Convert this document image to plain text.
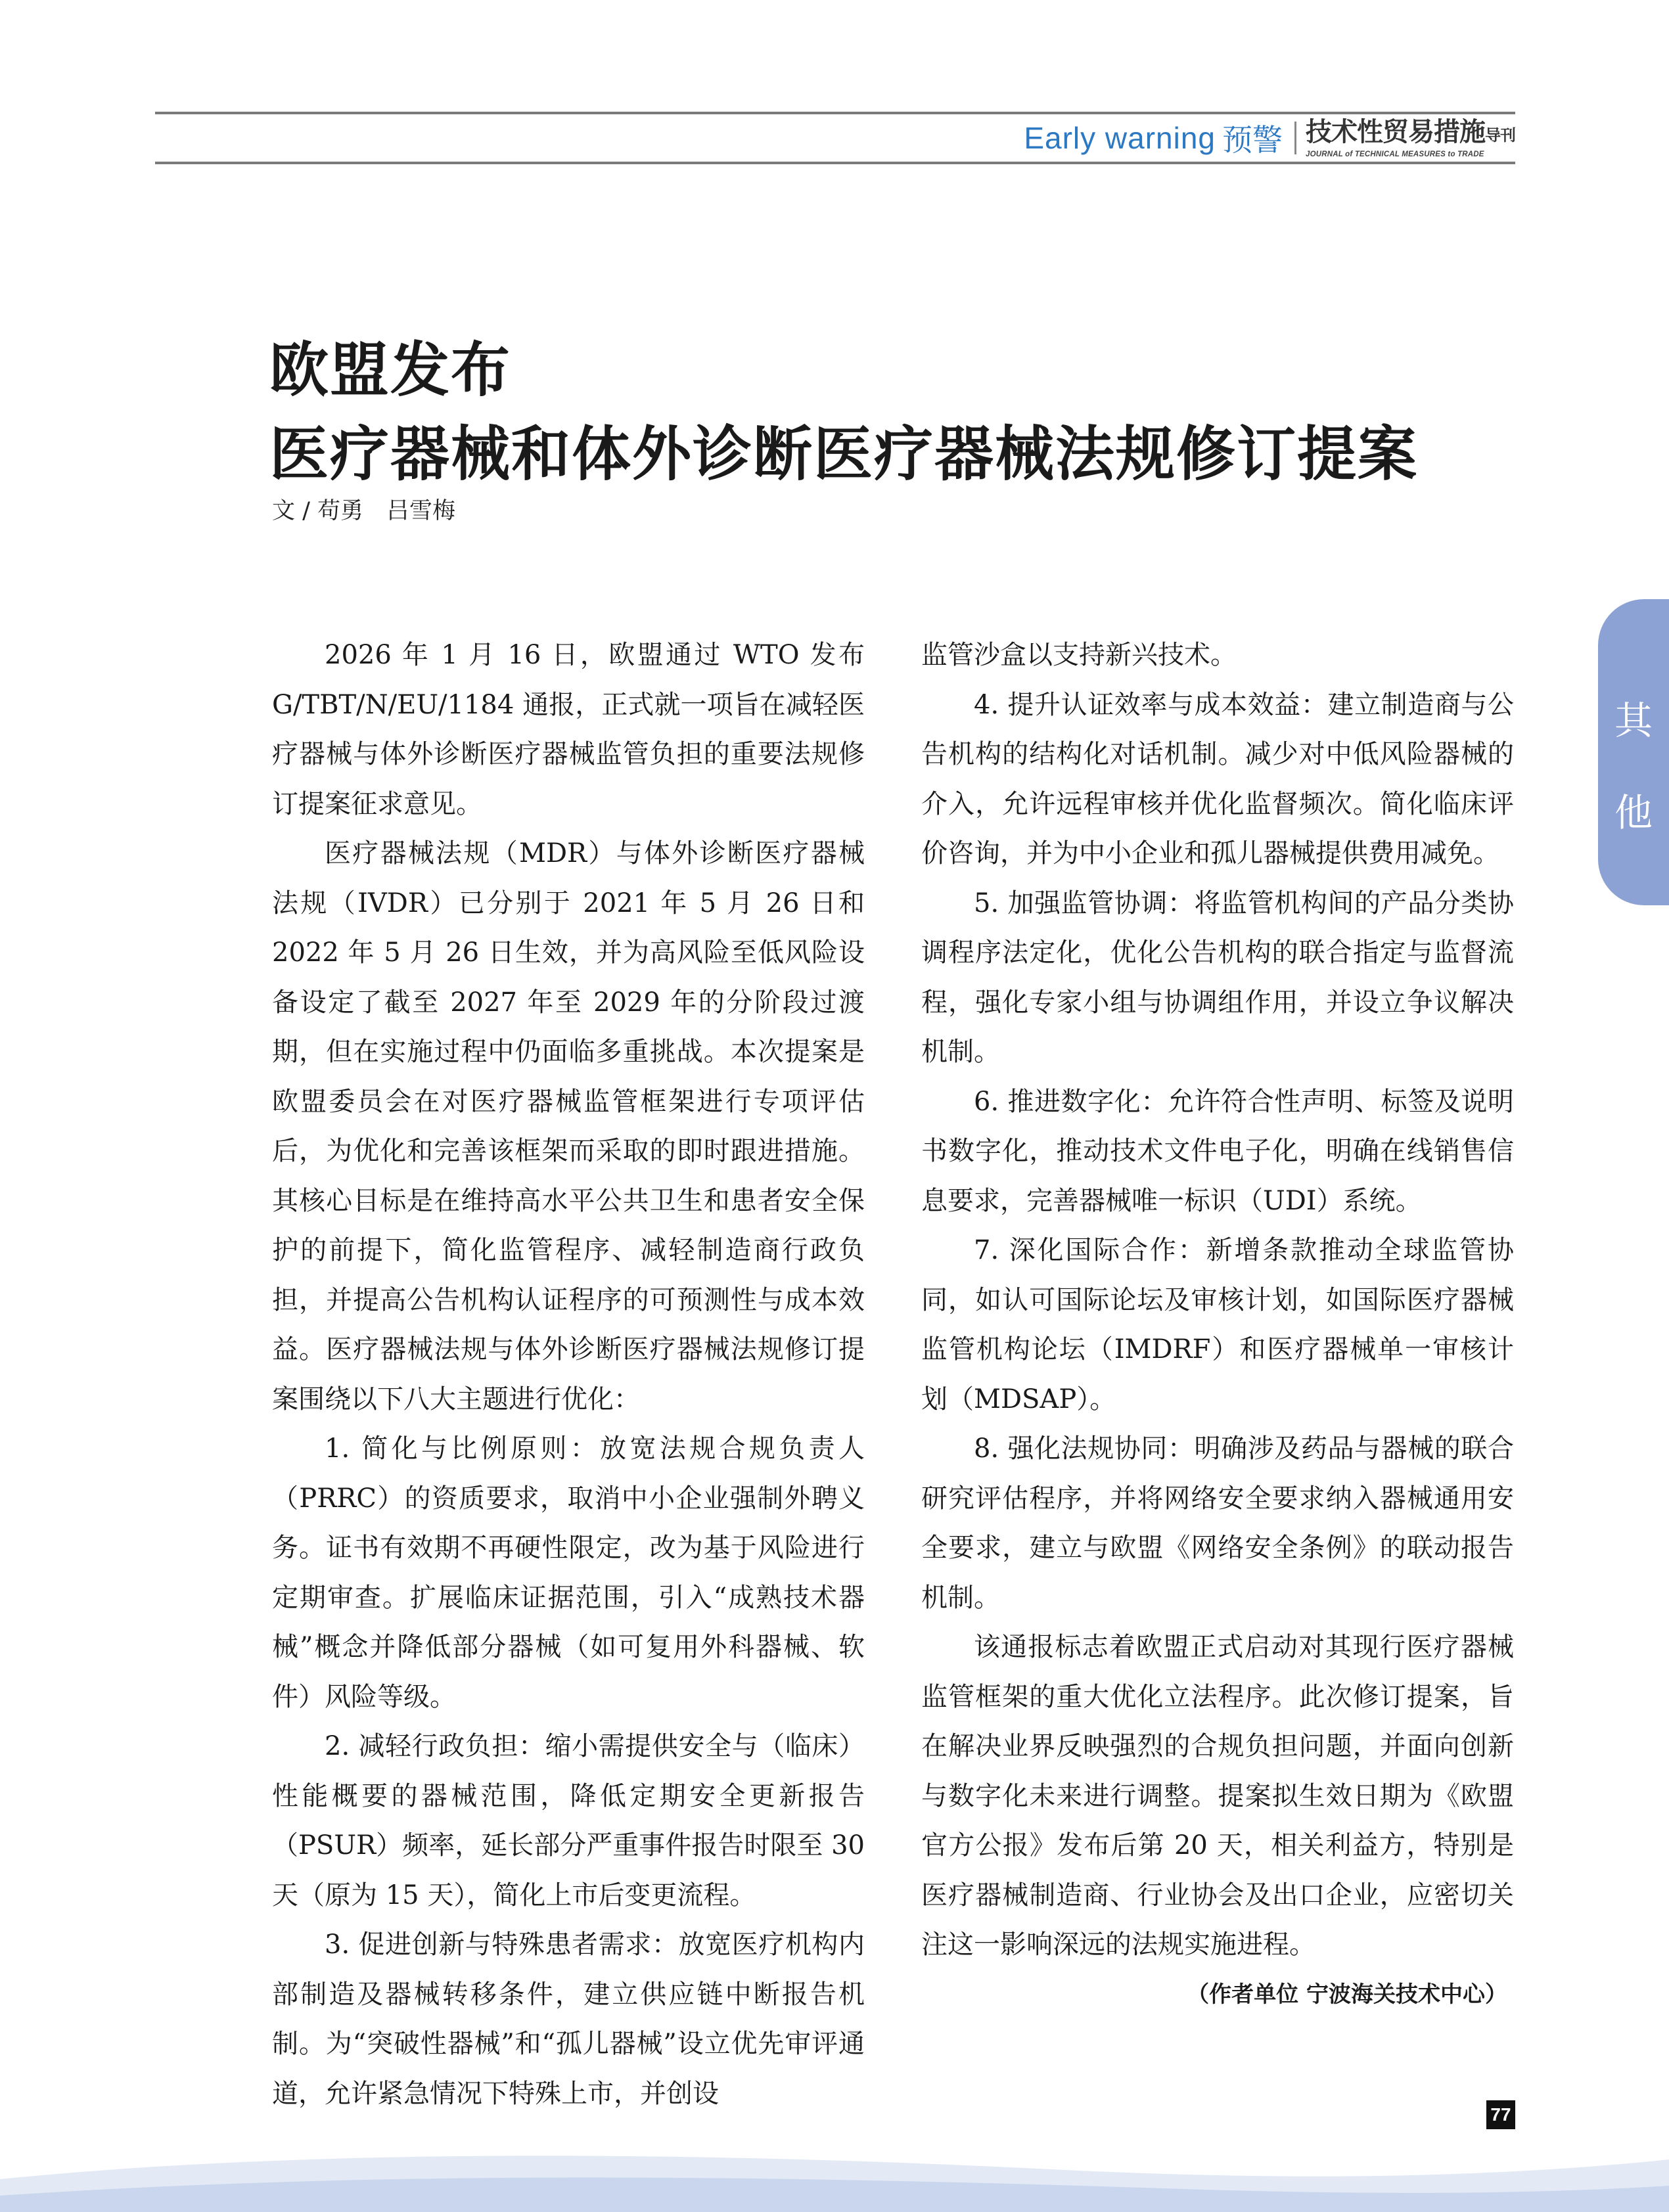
Early warning 预警 技术性贸易措施导刊
JOURNAL of TECHNICAL MEASURES to TRADE
欧盟发布
医疗器械和体外诊断医疗器械法规修订提案
文 / 苟勇　吕雪梅
其
他

2026 年 1 月 16 日，欧盟通过 WTO 发布 G/TBT/N/EU/1184 通报，正式就一项旨在减轻医疗器械与体外诊断医疗器械监管负担的重要法规修订提案征求意见。

医疗器械法规（MDR）与体外诊断医疗器械法规（IVDR）已分别于 2021 年 5 月 26 日和 2022 年 5 月 26 日生效，并为高风险至低风险设备设定了截至 2027 年至 2029 年的分阶段过渡期，但在实施过程中仍面临多重挑战。本次提案是欧盟委员会在对医疗器械监管框架进行专项评估后，为优化和完善该框架而采取的即时跟进措施。其核心目标是在维持高水平公共卫生和患者安全保护的前提下，简化监管程序、减轻制造商行政负担，并提高公告机构认证程序的可预测性与成本效益。医疗器械法规与体外诊断医疗器械法规修订提案围绕以下八大主题进行优化：

1. 简化与比例原则：放宽法规合规负责人（PRRC）的资质要求，取消中小企业强制外聘义务。证书有效期不再硬性限定，改为基于风险进行定期审查。扩展临床证据范围，引入“成熟技术器械”概念并降低部分器械（如可复用外科器械、软件）风险等级。

2. 减轻行政负担：缩小需提供安全与（临床）性能概要的器械范围，降低定期安全更新报告（PSUR）频率，延长部分严重事件报告时限至 30 天（原为 15 天），简化上市后变更流程。

3. 促进创新与特殊患者需求：放宽医疗机构内部制造及器械转移条件，建立供应链中断报告机制。为“突破性器械”和“孤儿器械”设立优先审评通道，允许紧急情况下特殊上市，并创设

监管沙盒以支持新兴技术。

4. 提升认证效率与成本效益：建立制造商与公告机构的结构化对话机制。减少对中低风险器械的介入，允许远程审核并优化监督频次。简化临床评价咨询，并为中小企业和孤儿器械提供费用减免。

5. 加强监管协调：将监管机构间的产品分类协调程序法定化，优化公告机构的联合指定与监督流程，强化专家小组与协调组作用，并设立争议解决机制。

6. 推进数字化：允许符合性声明、标签及说明书数字化，推动技术文件电子化，明确在线销售信息要求，完善器械唯一标识（UDI）系统。

7. 深化国际合作：新增条款推动全球监管协同，如认可国际论坛及审核计划，如国际医疗器械监管机构论坛（IMDRF）和医疗器械单一审核计划（MDSAP）。

8. 强化法规协同：明确涉及药品与器械的联合研究评估程序，并将网络安全要求纳入器械通用安全要求，建立与欧盟《网络安全条例》的联动报告机制。

该通报标志着欧盟正式启动对其现行医疗器械监管框架的重大优化立法程序。此次修订提案，旨在解决业界反映强烈的合规负担问题，并面向创新与数字化未来进行调整。提案拟生效日期为《欧盟官方公报》发布后第 20 天，相关利益方，特别是医疗器械制造商、行业协会及出口企业，应密切关注这一影响深远的法规实施进程。

（作者单位 宁波海关技术中心）

77
